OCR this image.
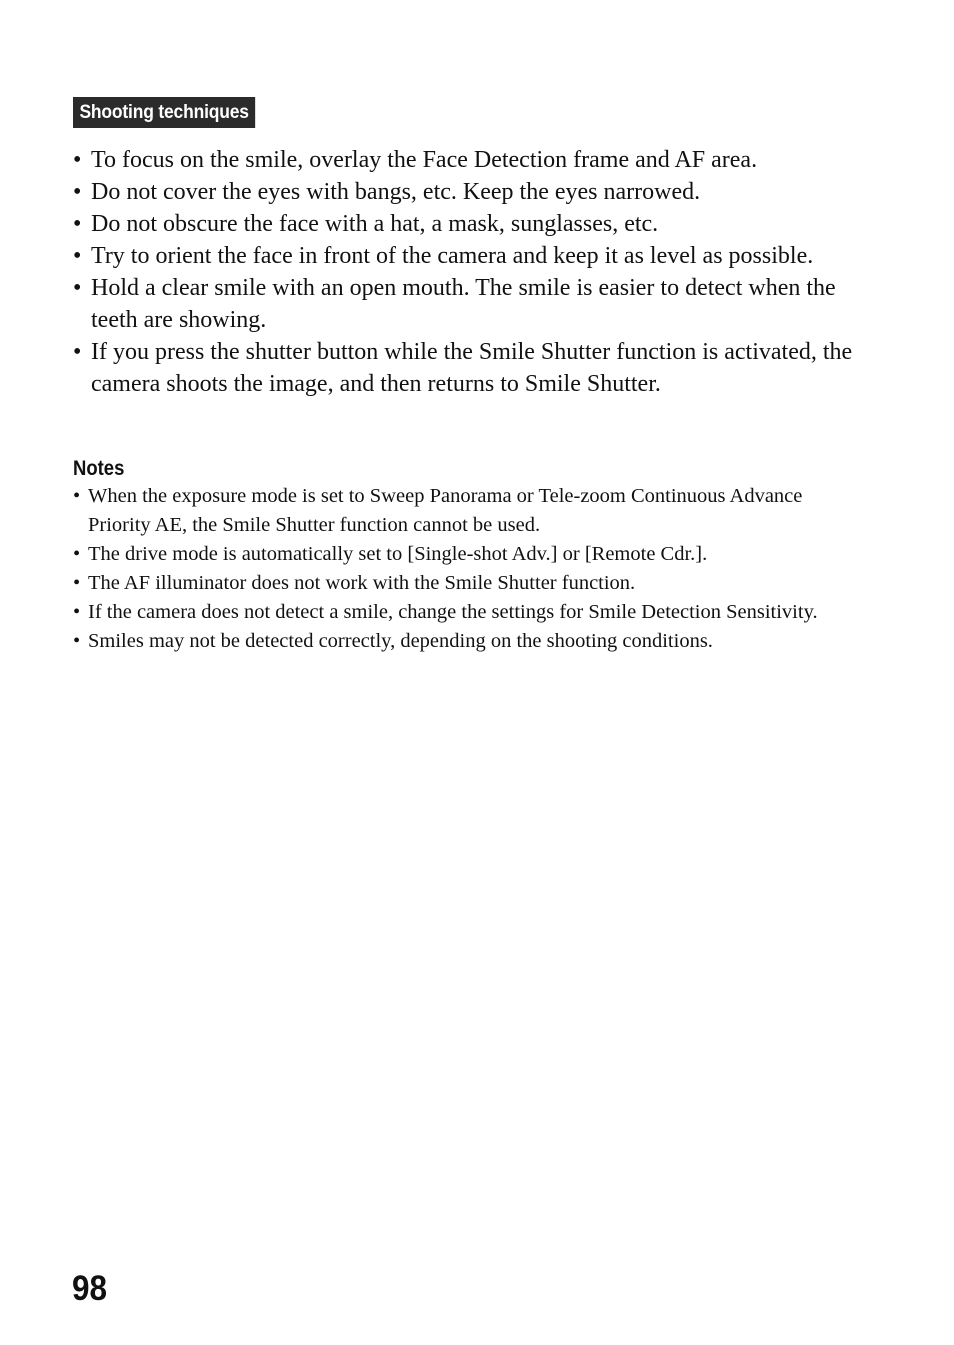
Shooting techniques
• To focus on the smile, overlay the Face Detection frame and AF area.
• Do not cover the eyes with bangs, etc. Keep the eyes narrowed.
• Do not obscure the face with a hat, a mask, sunglasses, etc.
• Try to orient the face in front of the camera and keep it as level as possible.
• Hold a clear smile with an open mouth. The smile is easier to detect when the teeth are showing.
• If you press the shutter button while the Smile Shutter function is activated, the camera shoots the image, and then returns to Smile Shutter.
Notes
• When the exposure mode is set to Sweep Panorama or Tele-zoom Continuous Advance Priority AE, the Smile Shutter function cannot be used.
• The drive mode is automatically set to [Single-shot Adv.] or [Remote Cdr.].
• The AF illuminator does not work with the Smile Shutter function.
• If the camera does not detect a smile, change the settings for Smile Detection Sensitivity.
• Smiles may not be detected correctly, depending on the shooting conditions.
98
